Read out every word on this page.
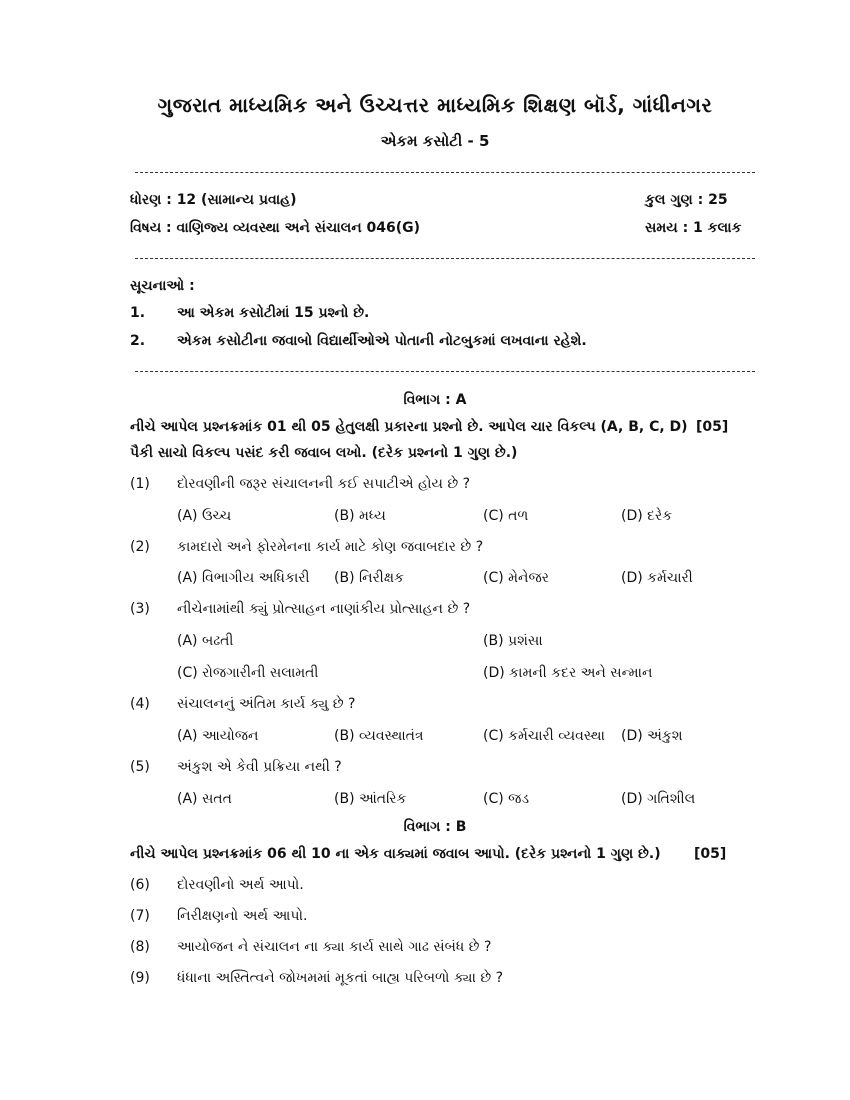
ગુજરાત માધ્યમિક અને ઉચ્ચત્તર માધ્યમિક શિક્ષણ બૉર્ડ, ગાંધીનગર
એકમ કસોટી - 5
ધોરણ : 12 (સામાન્ય પ્રવાહ)	કુલ ગુણ : 25
વિષય : વાણિજ્ય વ્યવસ્થા અને સંચાલન 046(G)	સમય : 1 કલાક
સૂચનાઓ :
1. આ એકમ કસોટીમાં 15 પ્રશ્નો છે.
2. એકમ કસોટીના જવાબો વિદ્યાર્થીઓએ પોતાની નોટબુકમાં લખવાના રહેશે.
વિભાગ : A
નીચે આપેલ પ્રશ્નક્રમાંક 01 થી 05 હેતુલક્ષી પ્રકારના પ્રશ્નો છે. આપેલ ચાર વિકલ્પ (A, B, C, D) [05]
પૈકી સાચો વિકલ્પ પસંદ કરી જવાબ લખો. (દરેક પ્રશ્નનો 1 ગુણ છે.)
(1) દોરવણીની જરૂર સંચાલનની કઈ સપાટીએ હોય છે ?
(A) ઉચ્ચ	(B) મધ્ય	(C) તળ	(D) દરેક
(2) કામદારો અને ફોરમેનના કાર્ય માટે કોણ જવાબદાર છે ?
(A) વિભાગીય અધિકારી (B) નિરીક્ષક	(C) મેનેજર	(D) કર્મચારી
(3) નીચેનામાંથી ક્યું પ્રોત્સાહન નાણાંકીય પ્રોત્સાહન છે ?
(A) બઢતી	(B) પ્રશંસા
(C) રોજગારીની સલામતી	(D) કામની કદર અને સન્માન
(4) સંચાલનનું અંતિમ કાર્ય ક્યુ છે ?
(A) આયોજન	(B) વ્યવસ્થાતંત્ર	(C) કર્મચારી વ્યવસ્થા (D) અંકુશ
(5) અંકુશ એ કેવી પ્રક્રિયા નથી ?
(A) સતત	(B) આંતરિક	(C) જડ	(D) ગતિશીલ
વિભાગ : B
નીચે આપેલ પ્રશ્નક્રમાંક 06 થી 10 ના એક વાક્યમાં જવાબ આપો. (દરેક પ્રશ્નનો 1 ગુણ છે.) [05]
(6) દોરવણીનો અર્થ આપો.
(7) નિરીક્ષણનો અર્થ આપો.
(8) આયોજન ને સંચાલન ના ક્યા કાર્ય સાથે ગાઢ સંબંધ છે ?
(9) ધંધાના અસ્તિત્વને જોખમમાં મૂકતાં બાહ્ય પરિબળો ક્યા છે ?
